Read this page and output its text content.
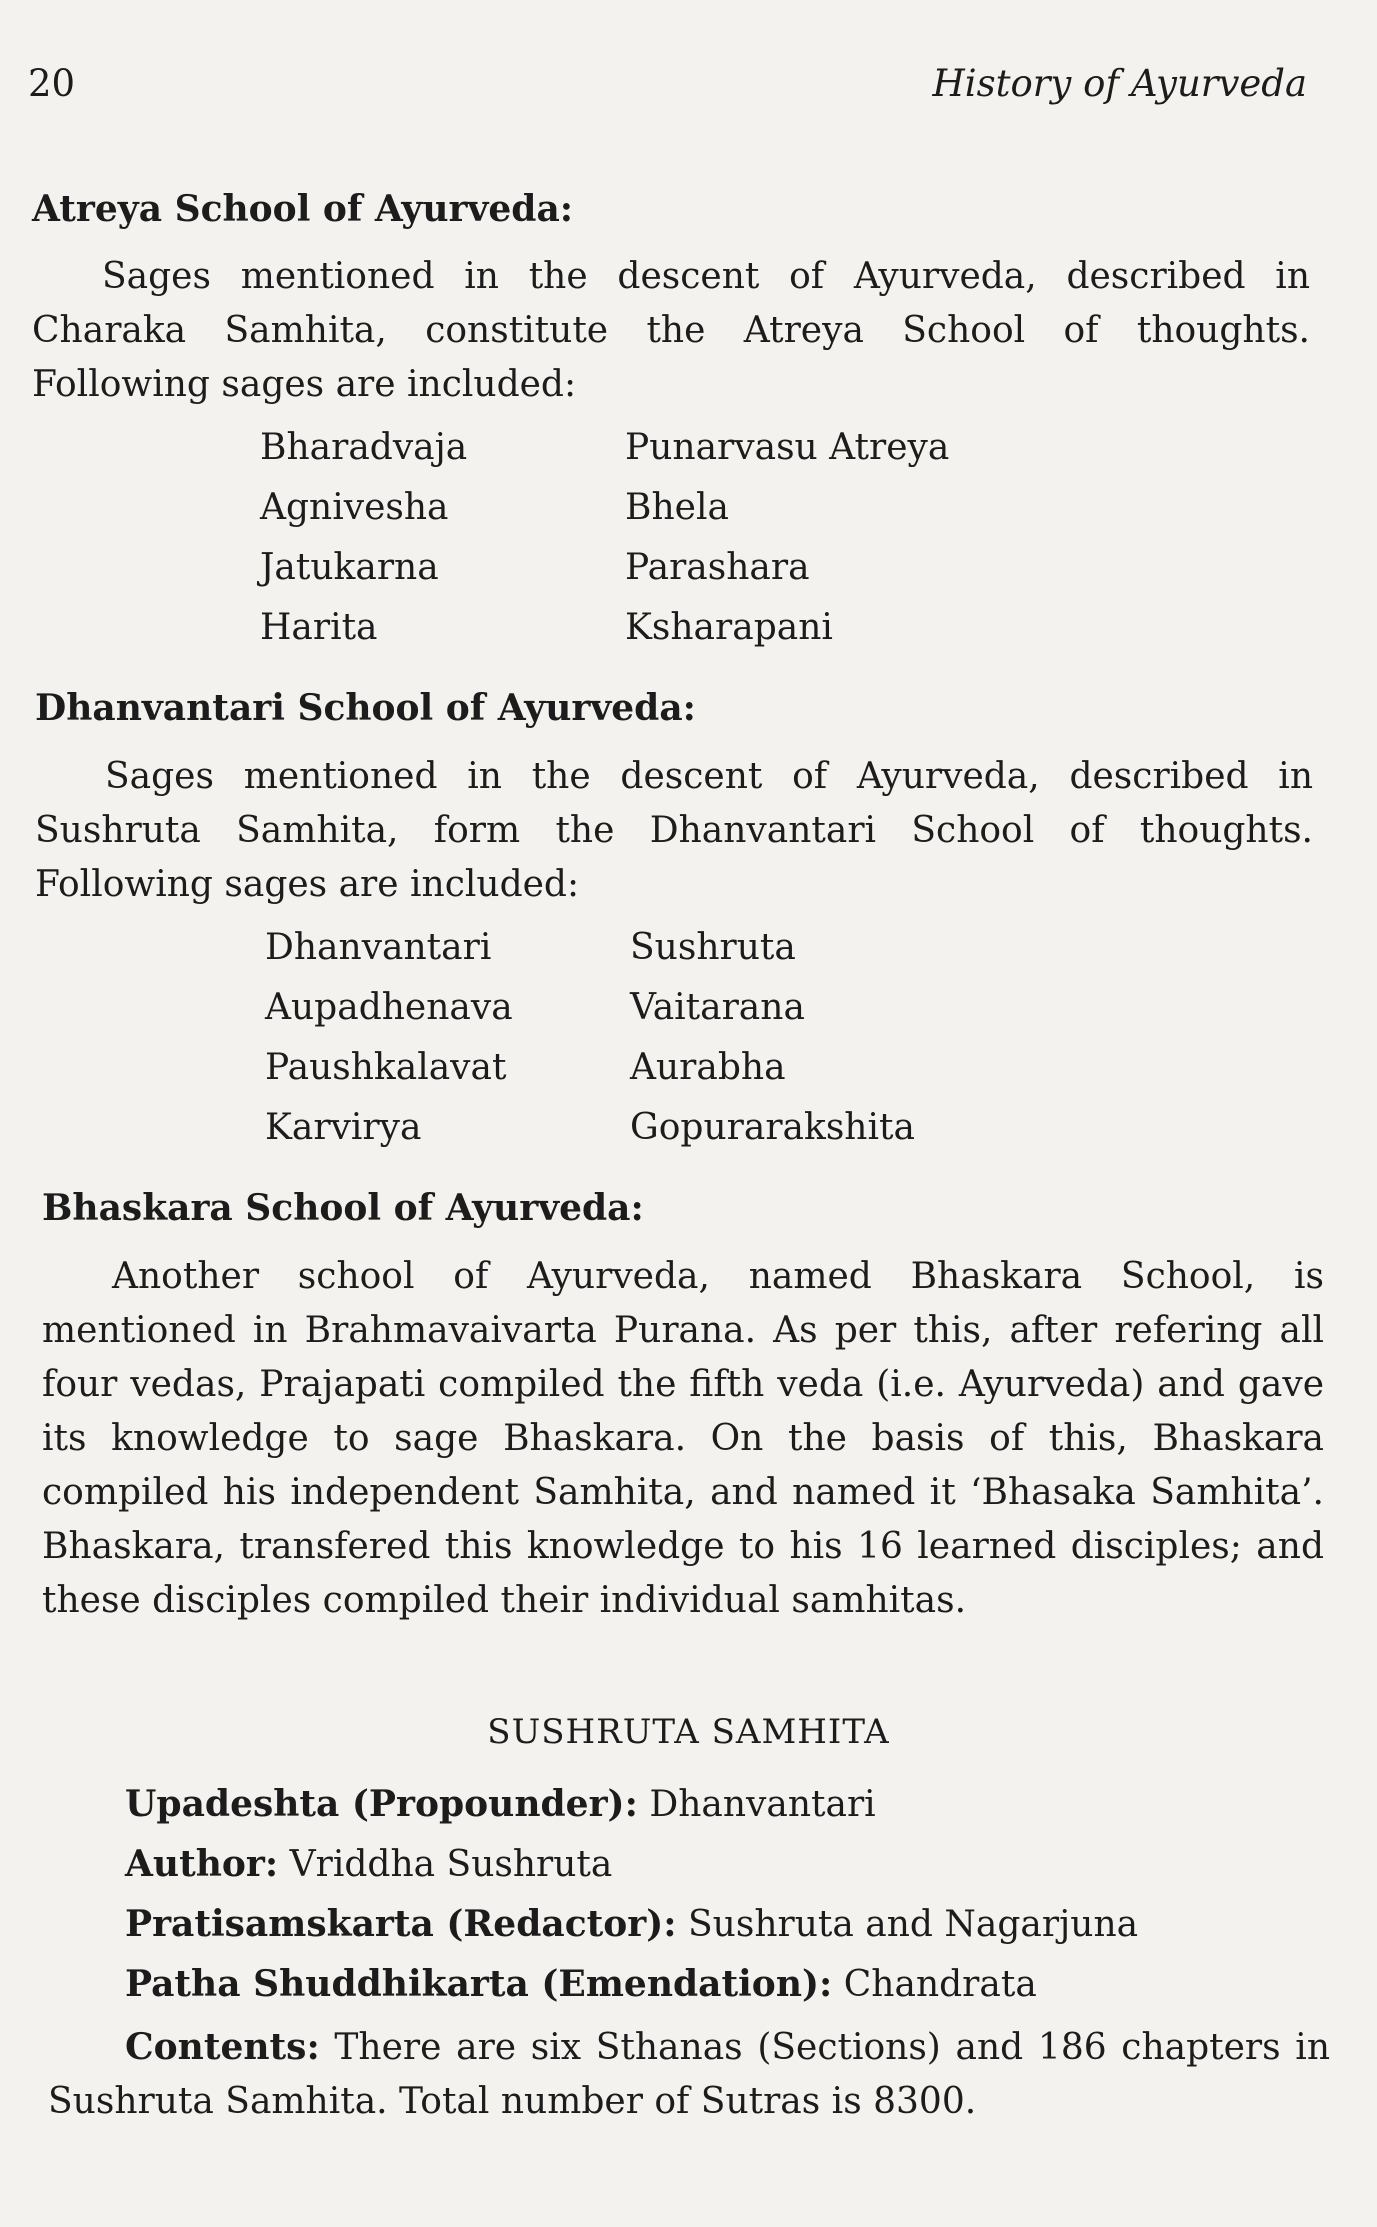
20	History of Ayurveda
Atreya School of Ayurveda:

Sages mentioned in the descent of Ayurveda, described in Charaka Samhita, constitute the Atreya School of thoughts. Following sages are included:

Bharadvaja	Punarvasu Atreya
Agnivesha	Bhela
Jatukarna	Parashara
Harita	Ksharapani
Dhanvantari School of Ayurveda:

Sages mentioned in the descent of Ayurveda, described in Sushruta Samhita, form the Dhanvantari School of thoughts. Following sages are included:

Dhanvantari	Sushruta
Aupadhenava	Vaitarana
Paushkalavat	Aurabha
Karvirya	Gopurarakshita
Bhaskara School of Ayurveda:

Another school of Ayurveda, named Bhaskara School, is mentioned in Brahmavaivarta Purana. As per this, after refering all four vedas, Prajapati compiled the fifth veda (i.e. Ayurveda) and gave its knowledge to sage Bhaskara. On the basis of this, Bhaskara compiled his independent Samhita, and named it ‘Bhasaka Samhita’. Bhaskara, transfered this knowledge to his 16 learned disciples; and these disciples compiled their individual samhitas.

SUSHRUTA SAMHITA
Upadeshta (Propounder): Dhanvantari
Author: Vriddha Sushruta
Pratisamskarta (Redactor): Sushruta and Nagarjuna
Patha Shuddhikarta (Emendation): Chandrata

Contents: There are six Sthanas (Sections) and 186 chapters in Sushruta Samhita. Total number of Sutras is 8300.
